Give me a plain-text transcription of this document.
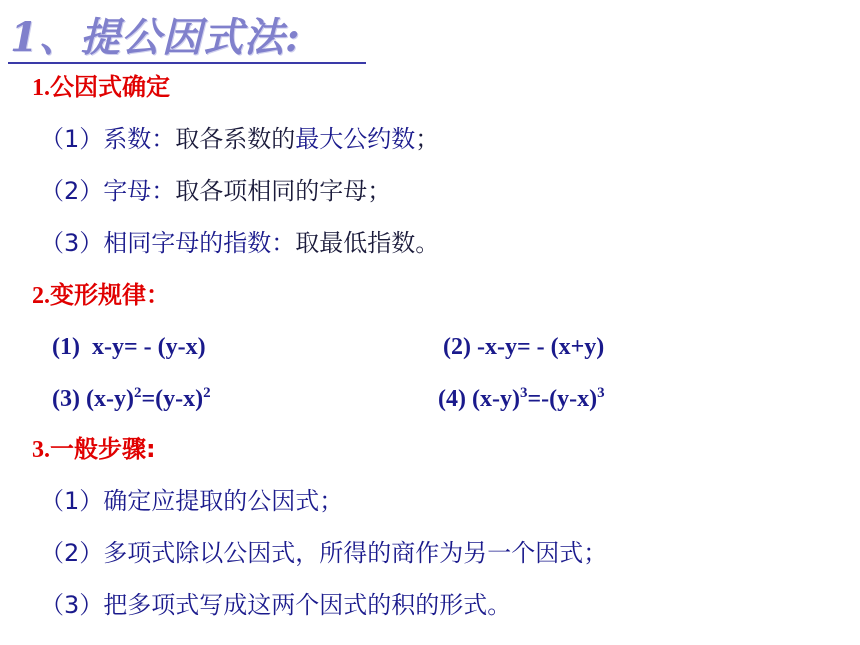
1、提公因式法:
1.公因式确定
（1）系数：取各系数的最大公约数；
（2）字母：取各项相同的字母；
（3）相同字母的指数：取最低指数。
2.变形规律：
(1) x-y= - (y-x)	(2) -x-y= - (x+y)
(3) $(x-y)^2=(y-x)^2$	(4) $(x-y)^3=-(y-x)^3$
3.一般步骤:
（1）确定应提取的公因式；
（2）多项式除以公因式，所得的商作为另一个因式；
（3）把多项式写成这两个因式的积的形式。
